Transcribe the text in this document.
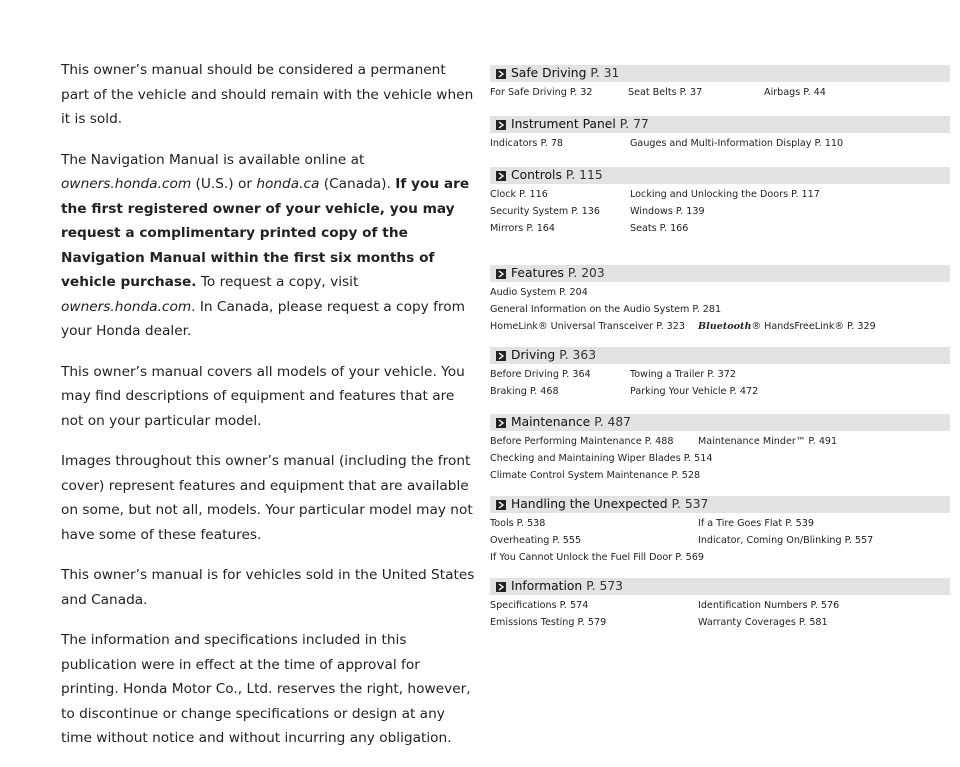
This owner’s manual should be considered a permanent part of the vehicle and should remain with the vehicle when it is sold.

The Navigation Manual is available online at owners.honda.com (U.S.) or honda.ca (Canada). If you are the first registered owner of your vehicle, you may request a complimentary printed copy of the Navigation Manual within the first six months of vehicle purchase. To request a copy, visit owners.honda.com. In Canada, please request a copy from your Honda dealer.

This owner’s manual covers all models of your vehicle. You may find descriptions of equipment and features that are not on your particular model.

Images throughout this owner’s manual (including the front cover) represent features and equipment that are available on some, but not all, models. Your particular model may not have some of these features.

This owner’s manual is for vehicles sold in the United States and Canada.

The information and specifications included in this publication were in effect at the time of approval for printing. Honda Motor Co., Ltd. reserves the right, however, to discontinue or change specifications or design at any time without notice and without incurring any obligation.

Safe Driving P. 31
For Safe Driving P. 32	Seat Belts P. 37	Airbags P. 44
Instrument Panel P. 77
Indicators P. 78	Gauges and Multi-Information Display P. 110
Controls P. 115
Clock P. 116	Locking and Unlocking the Doors P. 117
Security System P. 136	Windows P. 139
Mirrors P. 164	Seats P. 166
Features P. 203
Audio System P. 204
General Information on the Audio System P. 281
HomeLink® Universal Transceiver P. 323	Bluetooth® HandsFreeLink® P. 329
Driving P. 363
Before Driving P. 364	Towing a Trailer P. 372
Braking P. 468	Parking Your Vehicle P. 472
Maintenance P. 487
Before Performing Maintenance P. 488	Maintenance Minder™ P. 491
Checking and Maintaining Wiper Blades P. 514
Climate Control System Maintenance P. 528
Handling the Unexpected P. 537
Tools P. 538	If a Tire Goes Flat P. 539
Overheating P. 555	Indicator, Coming On/Blinking P. 557
If You Cannot Unlock the Fuel Fill Door P. 569
Information P. 573
Specifications P. 574	Identification Numbers P. 576
Emissions Testing P. 579	Warranty Coverages P. 581
